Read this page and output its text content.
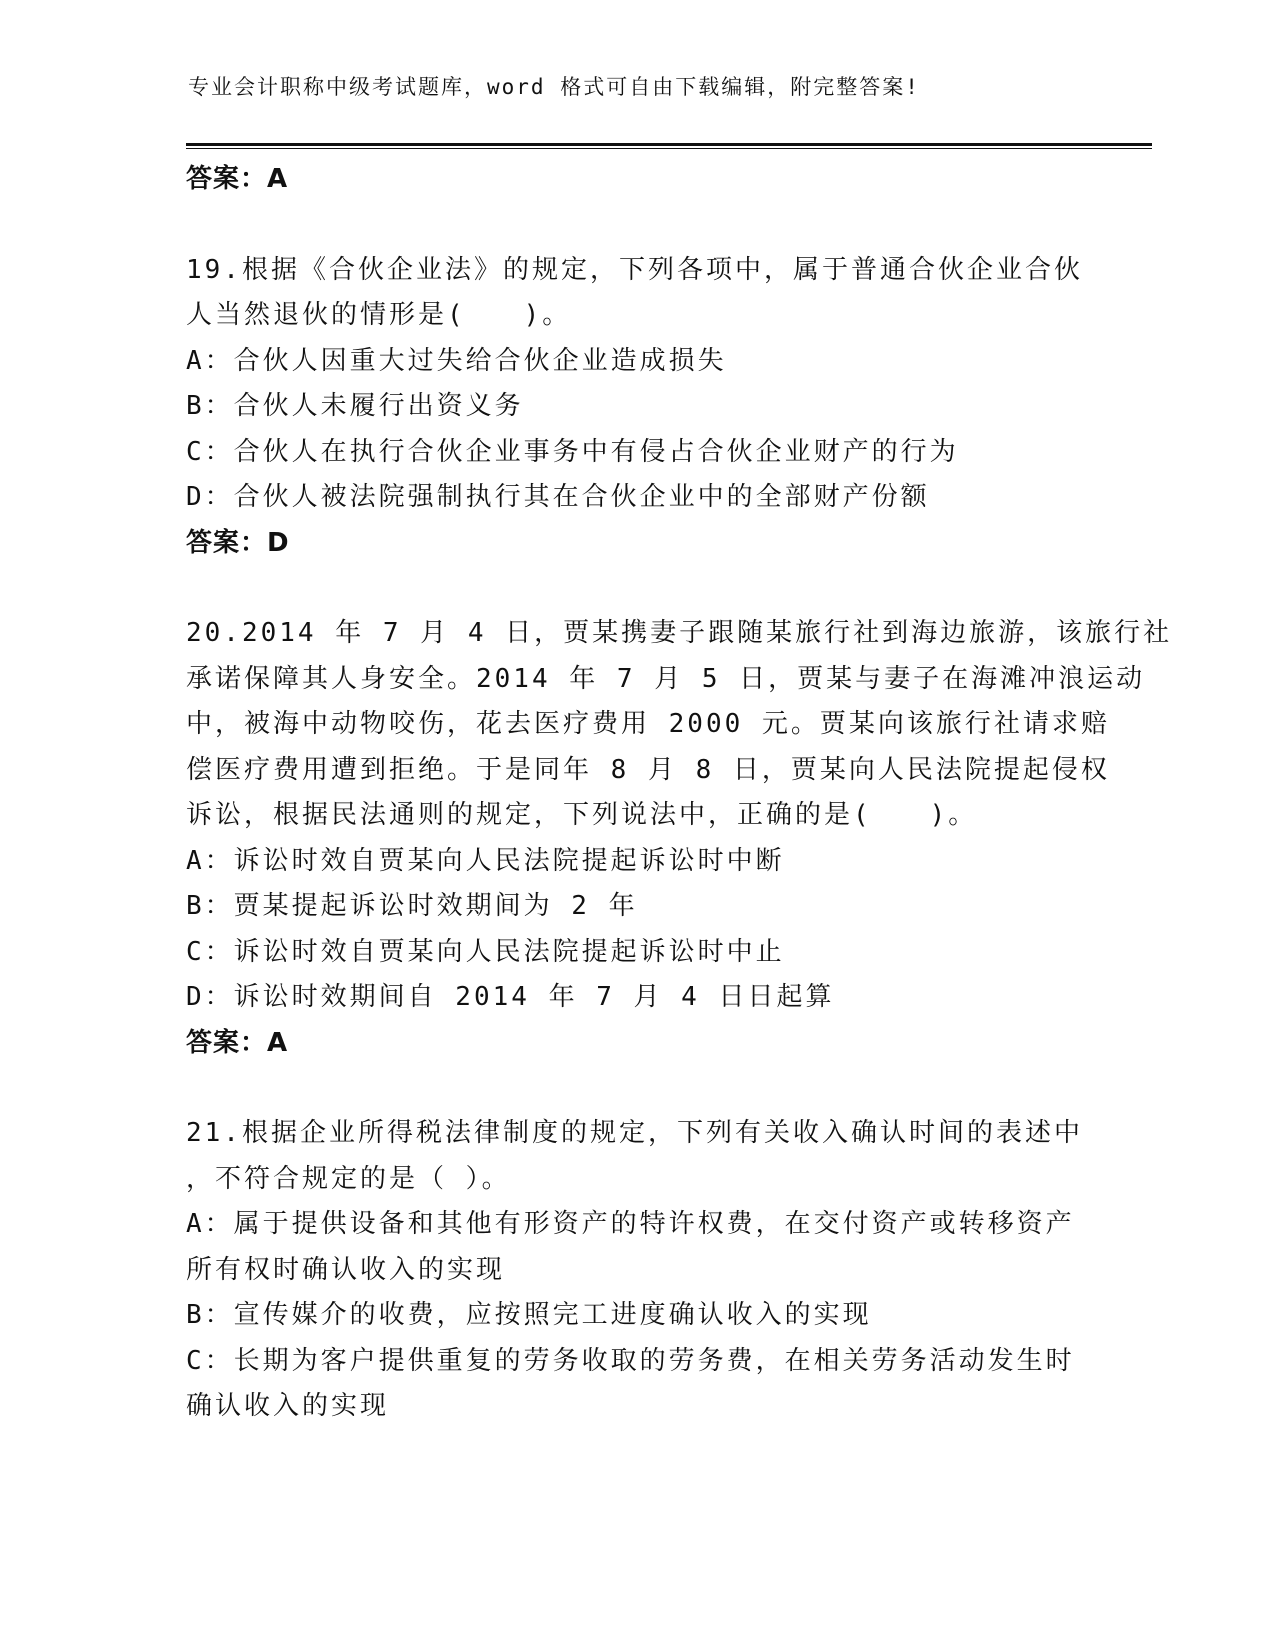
专业会计职称中级考试题库，word 格式可自由下载编辑，附完整答案!

答案：A

19.根据《合伙企业法》的规定，下列各项中，属于普通合伙企业合伙

人当然退伙的情形是(　　)。

A：合伙人因重大过失给合伙企业造成损失

B：合伙人未履行出资义务

C：合伙人在执行合伙企业事务中有侵占合伙企业财产的行为

D：合伙人被法院强制执行其在合伙企业中的全部财产份额

答案：D

20.2014 年 7 月 4 日，贾某携妻子跟随某旅行社到海边旅游，该旅行社

承诺保障其人身安全。2014 年 7 月 5 日，贾某与妻子在海滩冲浪运动

中，被海中动物咬伤，花去医疗费用 2000 元。贾某向该旅行社请求赔

偿医疗费用遭到拒绝。于是同年 8 月 8 日，贾某向人民法院提起侵权

诉讼，根据民法通则的规定，下列说法中，正确的是(　　)。

A：诉讼时效自贾某向人民法院提起诉讼时中断

B：贾某提起诉讼时效期间为 2 年

C：诉讼时效自贾某向人民法院提起诉讼时中止

D：诉讼时效期间自 2014 年 7 月 4 日日起算

答案：A

21.根据企业所得税法律制度的规定，下列有关收入确认时间的表述中

，不符合规定的是（ ）。

A：属于提供设备和其他有形资产的特许权费，在交付资产或转移资产

所有权时确认收入的实现

B：宣传媒介的收费，应按照完工进度确认收入的实现

C：长期为客户提供重复的劳务收取的劳务费，在相关劳务活动发生时

确认收入的实现
